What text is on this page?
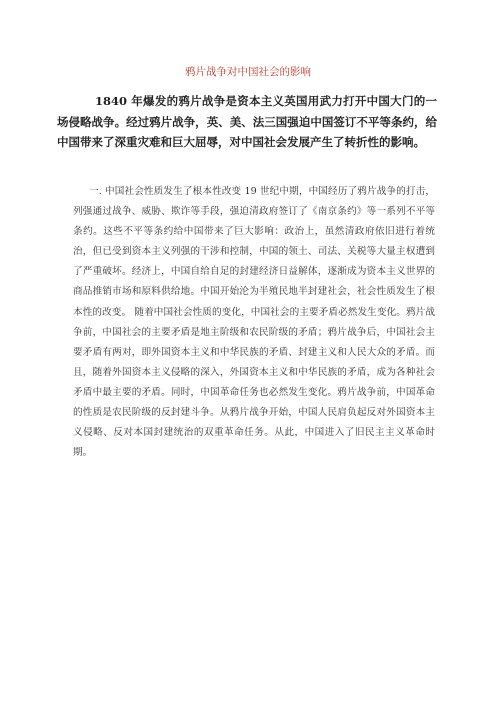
鸦片战争对中国社会的影响

1840 年爆发的鸦片战争是资本主义英国用武力打开中国大门的一场侵略战争。经过鸦片战争，英、美、法三国强迫中国签订不平等条约，给中国带来了深重灾难和巨大屈辱，对中国社会发展产生了转折性的影响。

一. 中国社会性质发生了根本性改变 19 世纪中期，中国经历了鸦片战争的打击，列强通过战争、威胁、欺诈等手段，强迫清政府签订了《南京条约》等一系列不平等条约。这些不平等条约给中国带来了巨大影响：政治上，虽然清政府依旧进行着统治，但已受到资本主义列强的干涉和控制，中国的领土、司法、关税等大量主权遭到了严重破坏。经济上，中国自给自足的封建经济日益解体，逐渐成为资本主义世界的商品推销市场和原料供给地。中国开始沦为半殖民地半封建社会，社会性质发生了根本性的改变。 随着中国社会性质的变化，中国社会的主要矛盾必然发生变化。鸦片战争前，中国社会的主要矛盾是地主阶级和农民阶级的矛盾；鸦片战争后，中国社会主要矛盾有两对，即外国资本主义和中华民族的矛盾、封建主义和人民大众的矛盾。而且，随着外国资本主义侵略的深入，外国资本主义和中华民族的矛盾，成为各种社会矛盾中最主要的矛盾。同时，中国革命任务也必然发生变化。鸦片战争前，中国革命的性质是农民阶级的反封建斗争。从鸦片战争开始，中国人民肩负起反对外国资本主义侵略、反对本国封建统治的双重革命任务。从此，中国进入了旧民主主义革命时期。
